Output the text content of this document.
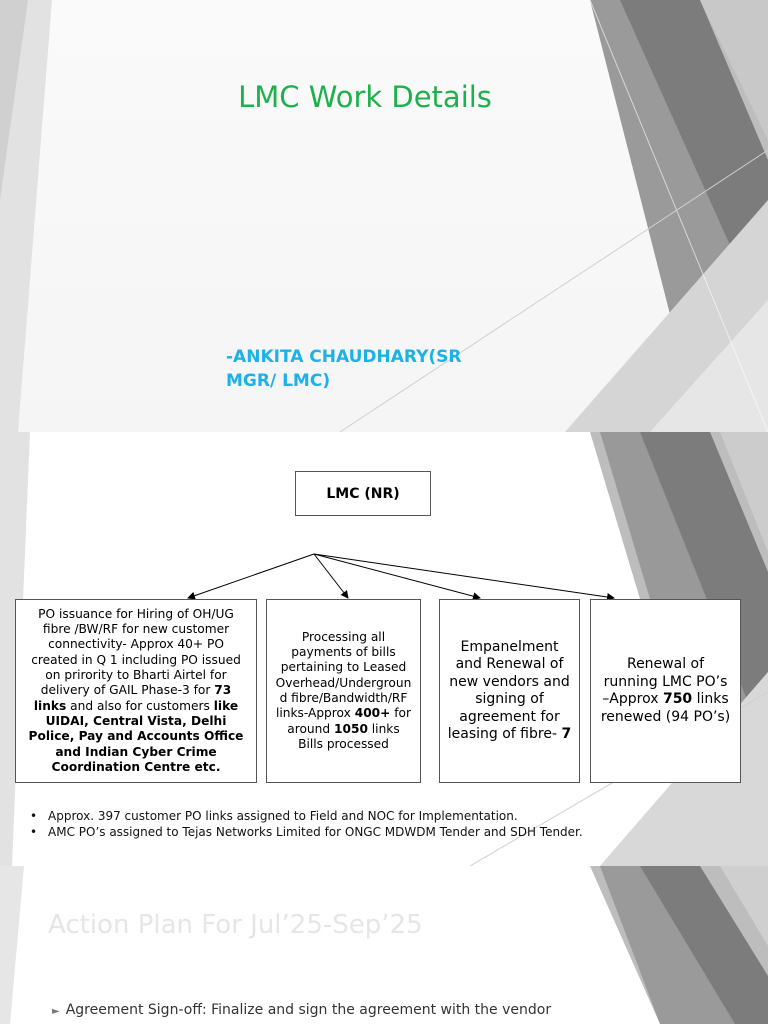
LMC Work Details
-ANKITA CHAUDHARY(SR
MGR/ LMC)
LMC (NR)
PO issuance for Hiring of OH/UG
fibre /BW/RF for new customer
connectivity- Approx 40+ PO
created in Q 1 including PO issued
on prirority to Bharti Airtel for
delivery of GAIL Phase-3 for 73
links and also for customers like
UIDAI, Central Vista, Delhi
Police, Pay and Accounts Office
and Indian Cyber Crime
Coordination Centre etc.
Processing all
payments of bills
pertaining to Leased
Overhead/Undergroun
d fibre/Bandwidth/RF
links-Approx 400+ for
around 1050 links
Bills processed
Empanelment
and Renewal of
new vendors and
signing of
agreement for
leasing of fibre- 7
Renewal of
running LMC PO’s
–Approx 750 links
renewed (94 PO’s)
• Approx. 397 customer PO links assigned to Field and NOC for Implementation.
• AMC PO’s assigned to Tejas Networks Limited for ONGC MDWDM Tender and SDH Tender.
Action Plan For Jul’25-Sep’25
► Agreement Sign-off: Finalize and sign the agreement with the vendor
